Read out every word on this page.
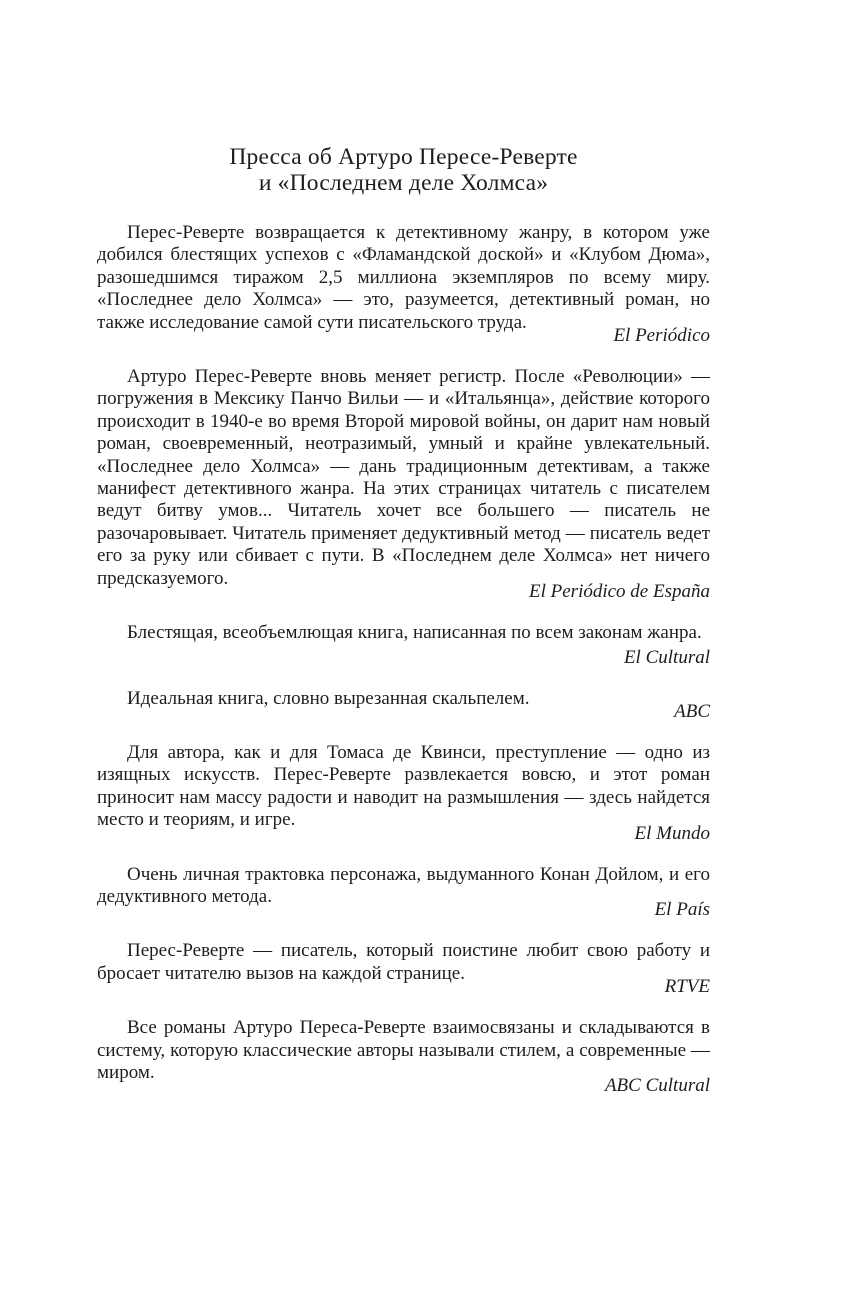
Пресса об Артуро Пересе-Реверте
и «Последнем деле Холмса»

Перес-Реверте возвращается к детективному жанру, в котором уже добился блестящих успехов с «Фламандской доской» и «Клубом Дюма», разошедшимся тиражом 2,5 миллиона экземпляров по всему миру. «Последнее дело Холмса» — это, разумеется, детективный роман, но также исследование самой сути писательского труда.

El Periódico

Артуро Перес-Реверте вновь меняет регистр. После «Революции» — погружения в Мексику Панчо Вильи — и «Итальянца», действие которого происходит в 1940-е во время Второй мировой войны, он дарит нам новый роман, своевременный, неотразимый, умный и крайне увлекательный. «Последнее дело Холмса» — дань традиционным детективам, а также манифест детективного жанра. На этих страницах читатель с писателем ведут битву умов... Читатель хочет все большего — писатель не разочаровывает. Читатель применяет дедуктивный метод — писатель ведет его за руку или сбивает с пути. В «Последнем деле Холмса» нет ничего предсказуемого.

El Periódico de España

Блестящая, всеобъемлющая книга, написанная по всем законам жанра.

El Cultural

Идеальная книга, словно вырезанная скальпелем.

ABC

Для автора, как и для Томаса де Квинси, преступление — одно из изящных искусств. Перес-Реверте развлекается вовсю, и этот роман приносит нам массу радости и наводит на размышления — здесь найдется место и теориям, и игре.

El Mundo

Очень личная трактовка персонажа, выдуманного Конан Дойлом, и его дедуктивного метода.

El País

Перес-Реверте — писатель, который поистине любит свою работу и бросает читателю вызов на каждой странице.

RTVE

Все романы Артуро Переса-Реверте взаимосвязаны и складываются в систему, которую классические авторы называли стилем, а современные — миром.

ABC Cultural
